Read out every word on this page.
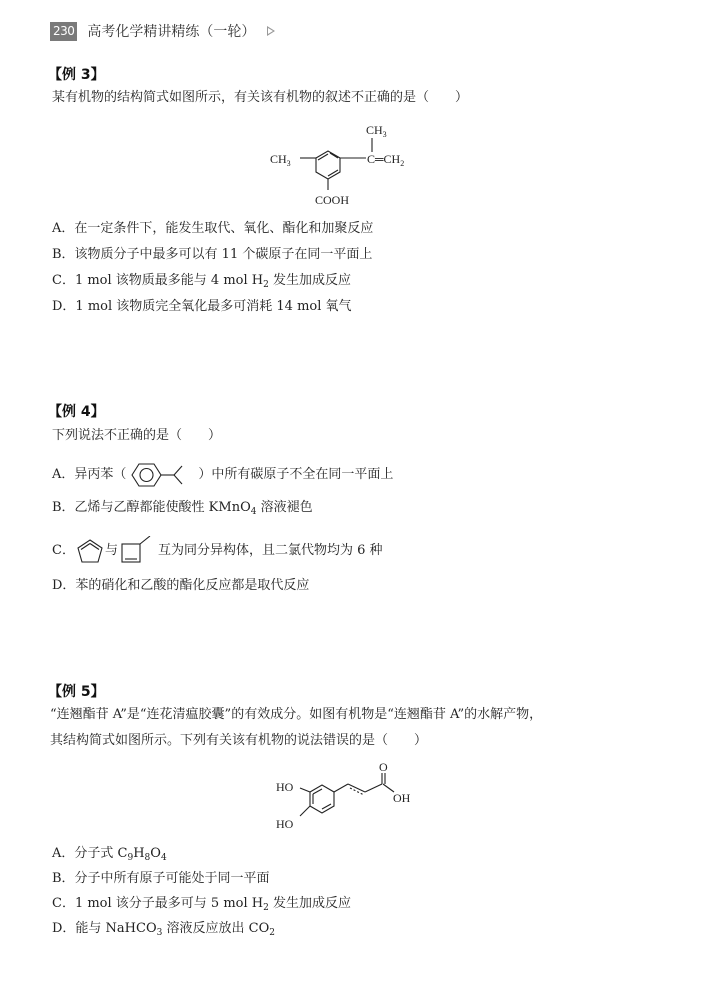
230 高考化学精讲精练（一轮）
【例 3】
某有机物的结构简式如图所示，有关该有机物的叙述不正确的是（　　）
$CH_3$
$CH_3$
$C═CH_2$
COOH
A．在一定条件下，能发生取代、氧化、酯化和加聚反应
B．该物质分子中最多可以有 11 个碳原子在同一平面上
C．1 mol 该物质最多能与 4 mol $H_2$ 发生加成反应
D．1 mol 该物质完全氧化最多可消耗 14 mol 氧气
【例 4】
下列说法不正确的是（　　）
A．异丙苯（	）中所有碳原子不全在同一平面上
B．乙烯与乙醇都能使酸性 KMnO$_4$ 溶液褪色
C． 与	互为同分异构体，且二氯代物均为 6 种
D．苯的硝化和乙酸的酯化反应都是取代反应
【例 5】
“连翘酯苷 A”是“连花清瘟胶囊”的有效成分。如图有机物是“连翘酯苷 A”的水解产物，
其结构简式如图所示。下列有关该有机物的说法错误的是（　　）
HO
HO
O
OH
A．分子式 $C_9H_8O_4$
B．分子中所有原子可能处于同一平面
C．1 mol 该分子最多可与 5 mol $H_2$ 发生加成反应
D．能与 NaHCO$_3$ 溶液反应放出 $CO_2$
